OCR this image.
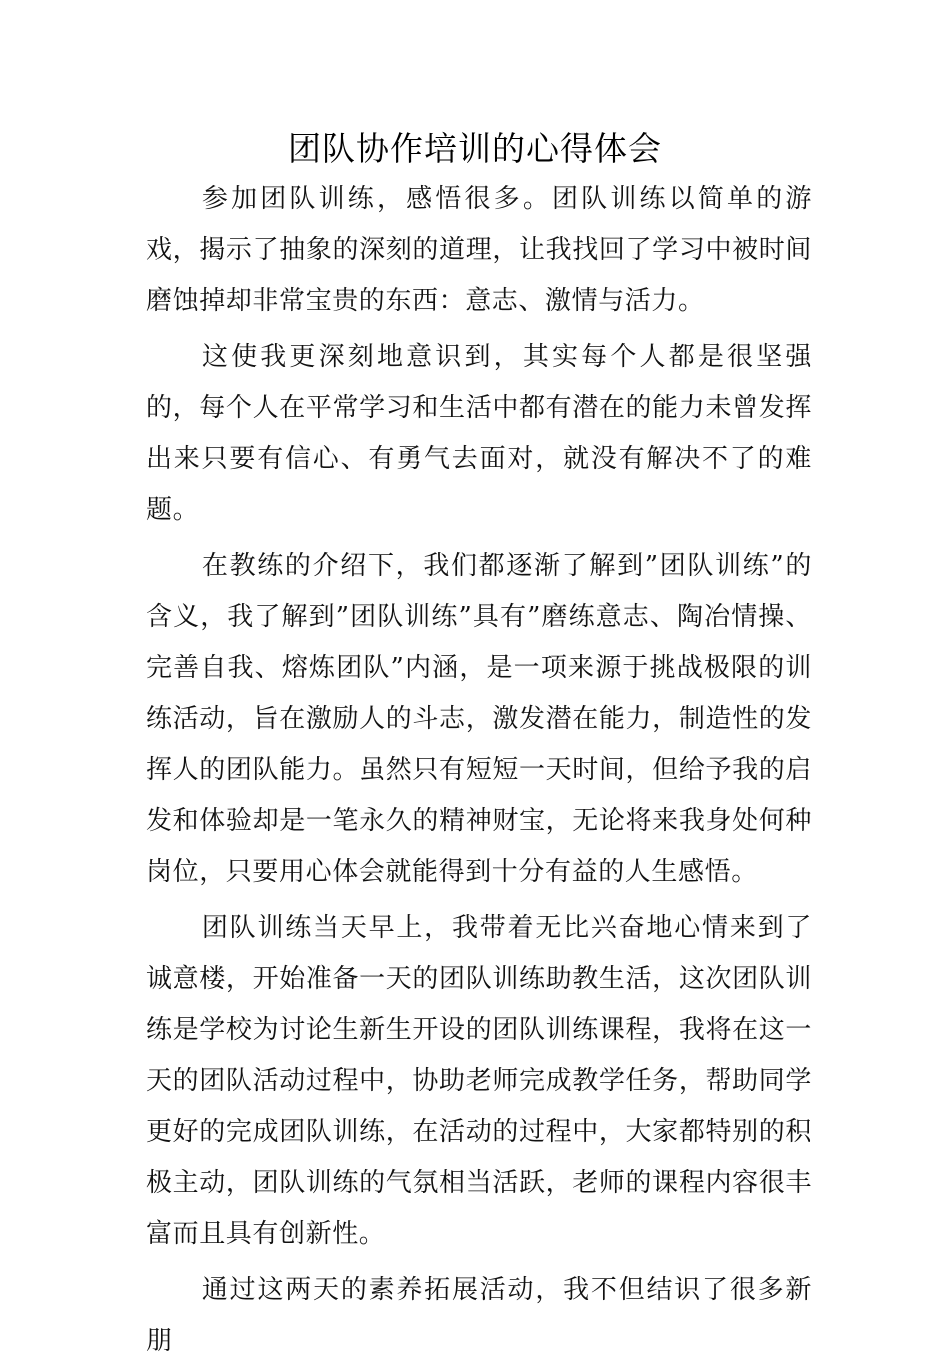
团队协作培训的心得体会

参加团队训练，感悟很多。团队训练以简单的游戏，揭示了抽象的深刻的道理，让我找回了学习中被时间磨蚀掉却非常宝贵的东西：意志、激情与活力。

这使我更深刻地意识到，其实每个人都是很坚强的，每个人在平常学习和生活中都有潜在的能力未曾发挥出来只要有信心、有勇气去面对，就没有解决不了的难题。

在教练的介绍下，我们都逐渐了解到”团队训练”的含义，我了解到”团队训练”具有”磨练意志、陶冶情操、完善自我、熔炼团队”内涵，是一项来源于挑战极限的训练活动，旨在激励人的斗志，激发潜在能力，制造性的发挥人的团队能力。虽然只有短短一天时间，但给予我的启发和体验却是一笔永久的精神财宝，无论将来我身处何种岗位，只要用心体会就能得到十分有益的人生感悟。

团队训练当天早上，我带着无比兴奋地心情来到了诚意楼，开始准备一天的团队训练助教生活，这次团队训练是学校为讨论生新生开设的团队训练课程，我将在这一天的团队活动过程中，协助老师完成教学任务，帮助同学更好的完成团队训练，在活动的过程中，大家都特别的积极主动，团队训练的气氛相当活跃，老师的课程内容很丰富而且具有创新性。

通过这两天的素养拓展活动，我不但结识了很多新朋
